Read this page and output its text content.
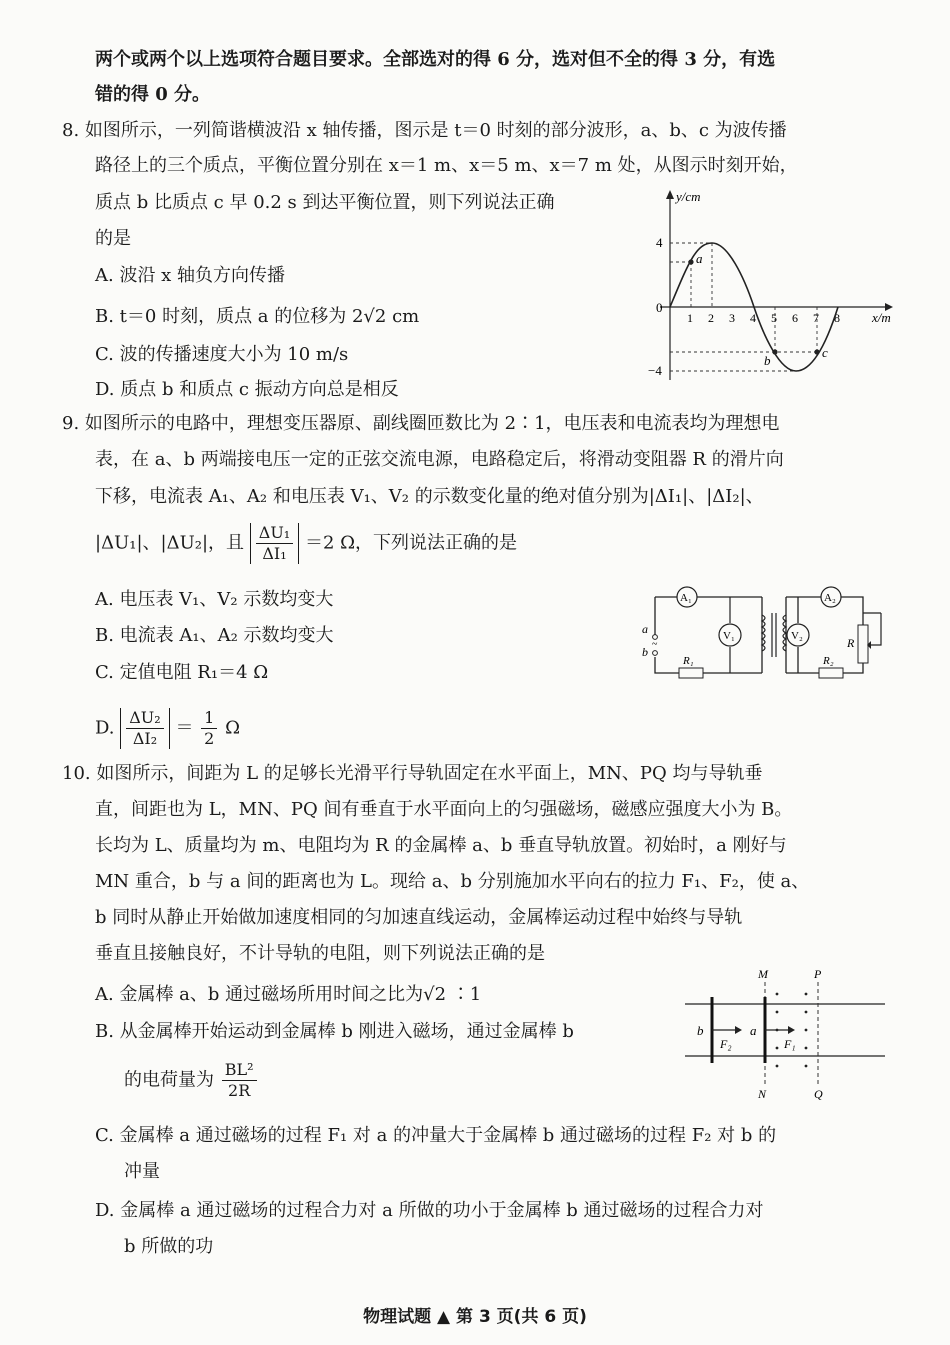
两个或两个以上选项符合题目要求。全部选对的得 6 分，选对但不全的得 3 分，有选
错的得 0 分。
8. 如图所示，一列简谐横波沿 x 轴传播，图示是 t＝0 时刻的部分波形，a、b、c 为波传播
路径上的三个质点，平衡位置分别在 x＝1 m、x＝5 m、x＝7 m 处，从图示时刻开始，
质点 b 比质点 c 早 0.2 s 到达平衡位置，则下列说法正确
的是
A. 波沿 x 轴负方向传播
B. t＝0 时刻，质点 a 的位移为 2√2 cm
C. 波的传播速度大小为 10 m/s
D. 质点 b 和质点 c 振动方向总是相反
y/cm
x/m
4
0
−4
1 2 3 4 5 6 7 8
a
b
c
9. 如图所示的电路中，理想变压器原、副线圈匝数比为 2∶1，电压表和电流表均为理想电
表，在 a、b 两端接电压一定的正弦交流电源，电路稳定后，将滑动变阻器 R 的滑片向
下移，电流表 A₁、A₂ 和电压表 V₁、V₂ 的示数变化量的绝对值分别为|ΔI₁|、|ΔI₂|、
|ΔU₁|、|ΔU₂|，且 $\frac{\text{ΔU₁}}{\text{ΔI₁}} =2$ Ω，下列说法正确的是
A. 电压表 V₁、V₂ 示数均变大
B. 电流表 A₁、A₂ 示数均变大
C. 定值电阻 R₁＝4 Ω
D. $\frac{\text{ΔU₂}}{\text{ΔI₂}} = \frac{1}{2}$ Ω
a
b
~
A₁
R₁
V₁	V₂
A₂
R₂
R
10. 如图所示，间距为 L 的足够长光滑平行导轨固定在水平面上，MN、PQ 均与导轨垂
直，间距也为 L，MN、PQ 间有垂直于水平面向上的匀强磁场，磁感应强度大小为 B。
长均为 L、质量均为 m、电阻均为 R 的金属棒 a、b 垂直导轨放置。初始时，a 刚好与
MN 重合，b 与 a 间的距离也为 L。现给 a、b 分别施加水平向右的拉力 F₁、F₂，使 a、
b 同时从静止开始做加速度相同的匀加速直线运动，金属棒运动过程中始终与导轨
垂直且接触良好，不计导轨的电阻，则下列说法正确的是
A. 金属棒 a、b 通过磁场所用时间之比为√2 ∶1
B. 从金属棒开始运动到金属棒 b 刚进入磁场，通过金属棒 b
的电荷量为 $\frac{\text{BL²}}{2R}$
C. 金属棒 a 通过磁场的过程 F₁ 对 a 的冲量大于金属棒 b 通过磁场的过程 F₂ 对 b 的
冲量
D. 金属棒 a 通过磁场的过程合力对 a 所做的功小于金属棒 b 通过磁场的过程合力对
b 所做的功
M	P
N	Q
b	a
F₂	F₁
物理试题 ▲ 第 3 页(共 6 页)
